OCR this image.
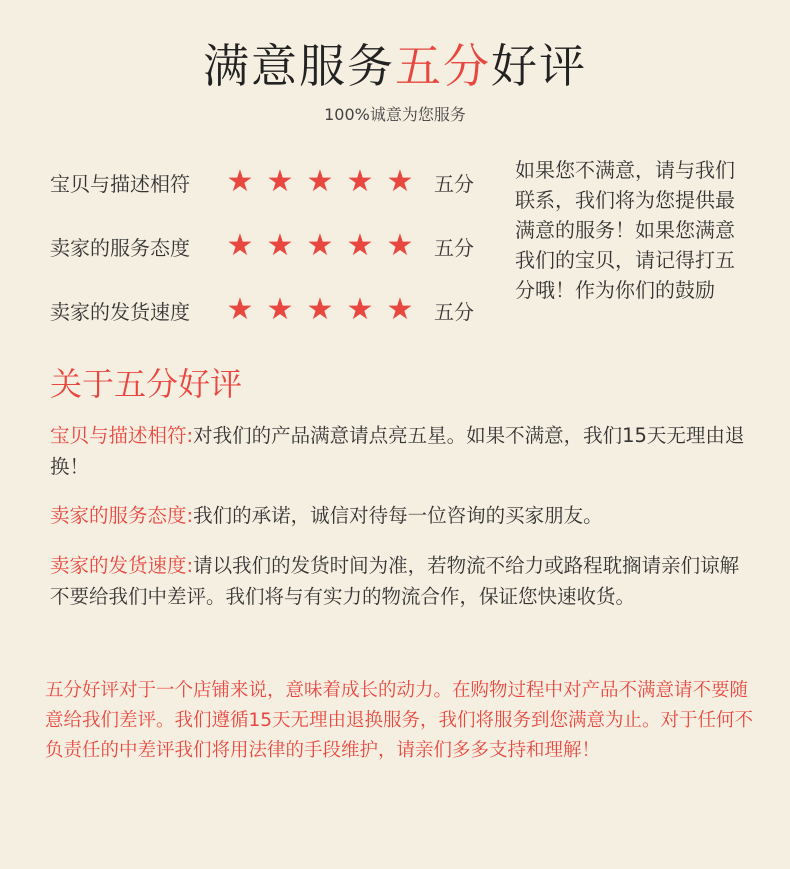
满意服务五分好评
100%诚意为您服务
宝贝与描述相符	★ ★ ★ ★ ★	五分
卖家的服务态度	★ ★ ★ ★ ★	五分
卖家的发货速度	★ ★ ★ ★ ★	五分
如果您不满意，请与我们联系，我们将为您提供最满意的服务！如果您满意我们的宝贝，请记得打五分哦！作为你们的鼓励
关于五分好评
宝贝与描述相符:对我们的产品满意请点亮五星。如果不满意，我们15天无理由退换！
卖家的服务态度:我们的承诺，诚信对待每一位咨询的买家朋友。
卖家的发货速度:请以我们的发货时间为准，若物流不给力或路程耽搁请亲们谅解不要给我们中差评。我们将与有实力的物流合作，保证您快速收货。
五分好评对于一个店铺来说，意味着成长的动力。在购物过程中对产品不满意请不要随意给我们差评。我们遵循15天无理由退换服务，我们将服务到您满意为止。对于任何不负责任的中差评我们将用法律的手段维护，请亲们多多支持和理解！
